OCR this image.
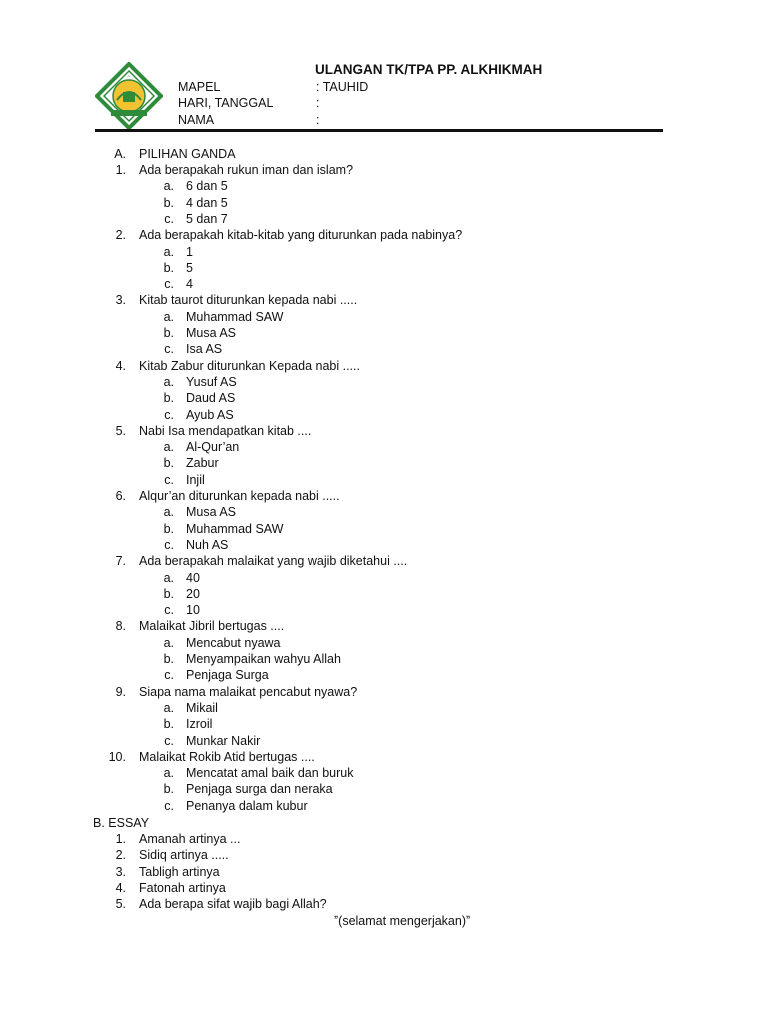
~	ULANGAN TK/TPA PP. ALKHIKMAH
MAPEL	: TAUHID
HARI, TANGGAL	:
NAMA	:
A. PILIHAN GANDA
1. Ada berapakah rukun iman dan islam?
a. 6 dan 5
b. 4 dan 5
c. 5 dan 7
2. Ada berapakah kitab-kitab yang diturunkan pada nabinya?
a. 1
b. 5
c. 4
3. Kitab taurot diturunkan kepada nabi .....
a. Muhammad SAW
b. Musa AS
c. Isa AS
4. Kitab Zabur diturunkan Kepada nabi .....
a. Yusuf AS
b. Daud AS
c. Ayub AS
5. Nabi Isa mendapatkan kitab ....
a. Al-Qur’an
b. Zabur
c. Injil
6. Alqur’an diturunkan kepada nabi .....
a. Musa AS
b. Muhammad SAW
c. Nuh AS
7. Ada berapakah malaikat yang wajib diketahui ....
a. 40
b. 20
c. 10
8. Malaikat Jibril bertugas ....
a. Mencabut nyawa
b. Menyampaikan wahyu Allah
c. Penjaga Surga
9. Siapa nama malaikat pencabut nyawa?
a. Mikail
b. Izroil
c. Munkar Nakir
10. Malaikat Rokib Atid bertugas ....
a. Mencatat amal baik dan buruk
b. Penjaga surga dan neraka
c. Penanya dalam kubur
B. ESSAY
1. Amanah artinya ...
2. Sidiq artinya .....
3. Tabligh artinya
4. Fatonah artinya
5. Ada berapa sifat wajib bagi Allah?
ˮ(selamat mengerjakan)ˮ
